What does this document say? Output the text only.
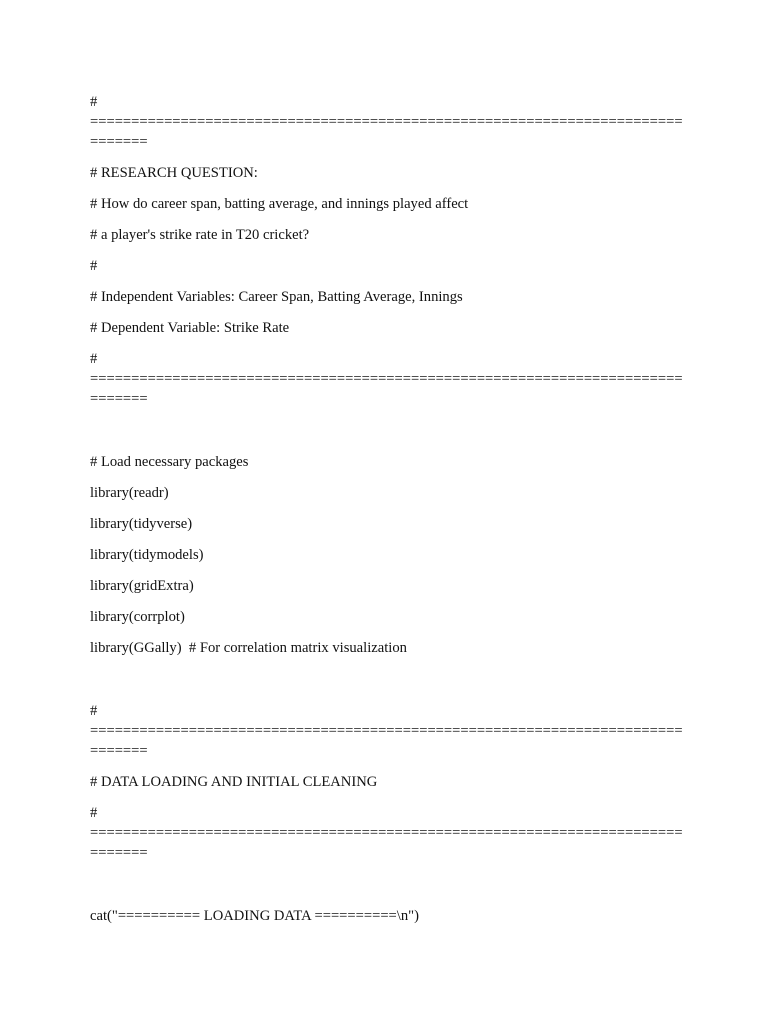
#
========================================================================
=======

# RESEARCH QUESTION:

# How do career span, batting average, and innings played affect

# a player's strike rate in T20 cricket?

#

# Independent Variables: Career Span, Batting Average, Innings

# Dependent Variable: Strike Rate

#
========================================================================
=======

# Load necessary packages

library(readr)

library(tidyverse)

library(tidymodels)

library(gridExtra)

library(corrplot)

library(GGally)  # For correlation matrix visualization

#
========================================================================
=======

# DATA LOADING AND INITIAL CLEANING

#
========================================================================
=======

cat("========== LOADING DATA ==========\n")
